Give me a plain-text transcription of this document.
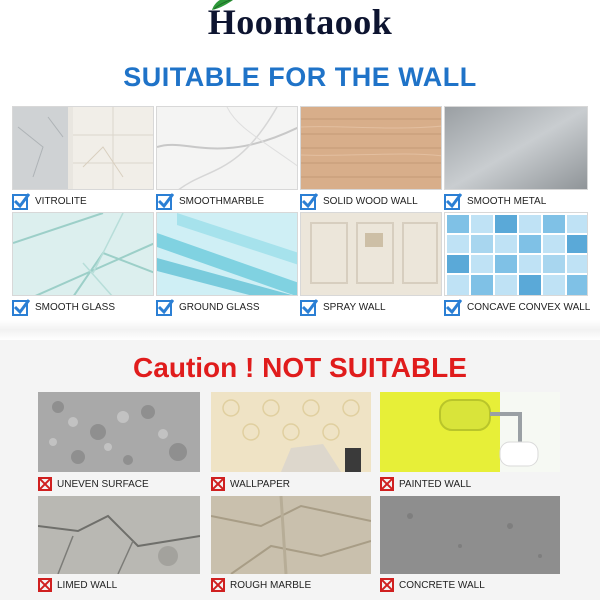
Hoomtaook
SUITABLE FOR THE WALL
VITROLITE	SMOOTHMARBLE	SOLID WOOD WALL	SMOOTH METAL
SMOOTH GLASS	GROUND GLASS	SPRAY WALL	CONCAVE CONVEX WALL
Caution ! NOT SUITABLE
UNEVEN SURFACE	WALLPAPER	PAINTED WALL
LIMED WALL	ROUGH MARBLE	CONCRETE WALL
